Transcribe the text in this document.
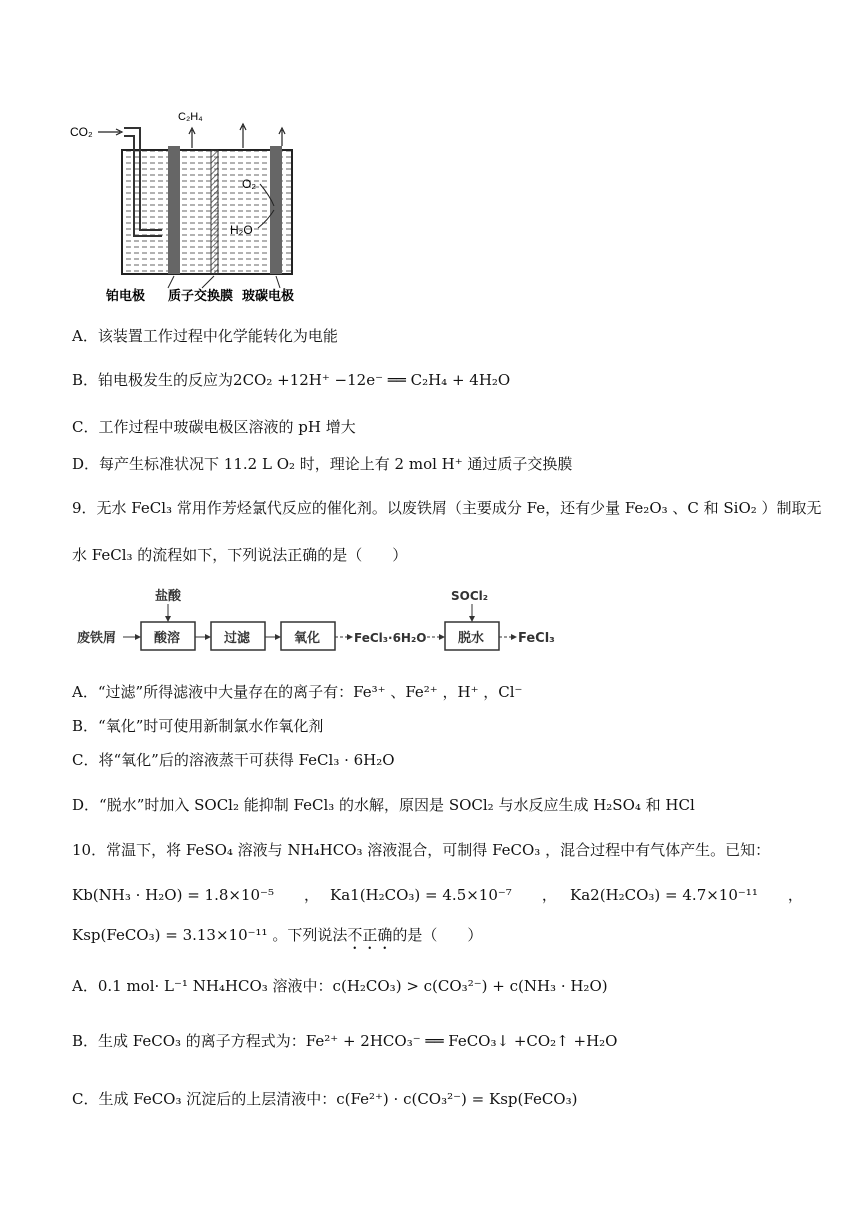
CO₂
C₂H₄
O₂
H₂O
铂电极 质子交换膜 玻碳电极
A．该装置工作过程中化学能转化为电能
B．铂电极发生的反应为2CO₂ +12H⁺ −12e⁻ ══ C₂H₄ + 4H₂O
C．工作过程中玻碳电极区溶液的 pH 增大
D．每产生标准状况下 11.2 L O₂ 时，理论上有 2 mol H⁺ 通过质子交换膜
9．无水 FeCl₃ 常用作芳烃氯代反应的催化剂。以废铁屑（主要成分 Fe，还有少量 Fe₂O₃ 、C 和 SiO₂ ）制取无
水 FeCl₃ 的流程如下，下列说法正确的是（　　）
废铁屑	酸溶
盐酸
过滤	氧化	FeCl₃·6H₂O 脱水
SOCl₂
FeCl₃
A．“过滤”所得滤液中大量存在的离子有：Fe³⁺ 、Fe²⁺ ，H⁺ ，Cl⁻
B．“氧化”时可使用新制氯水作氧化剂
C．将“氧化”后的溶液蒸干可获得 FeCl₃ · 6H₂O
D．“脱水”时加入 SOCl₂ 能抑制 FeCl₃ 的水解，原因是 SOCl₂ 与水反应生成 H₂SO₄ 和 HCl
10．常温下，将 FeSO₄ 溶液与 NH₄HCO₃ 溶液混合，可制得 FeCO₃ ，混合过程中有气体产生。已知：
Kb(NH₃ · H₂O) = 1.8×10⁻⁵　　， Ka1(H₂CO₃) = 4.5×10⁻⁷　　， Ka2(H₂CO₃) = 4.7×10⁻¹¹　　，
Ksp(FeCO₃) = 3.13×10⁻¹¹ 。下列说法不正确的是（　　）
A．0.1 mol· L⁻¹ NH₄HCO₃ 溶液中：c(H₂CO₃) > c(CO₃²⁻) + c(NH₃ · H₂O)
B．生成 FeCO₃ 的离子方程式为：Fe²⁺ + 2HCO₃⁻ ══ FeCO₃↓ +CO₂↑ +H₂O
C．生成 FeCO₃ 沉淀后的上层清液中：c(Fe²⁺) · c(CO₃²⁻) = Ksp(FeCO₃)
